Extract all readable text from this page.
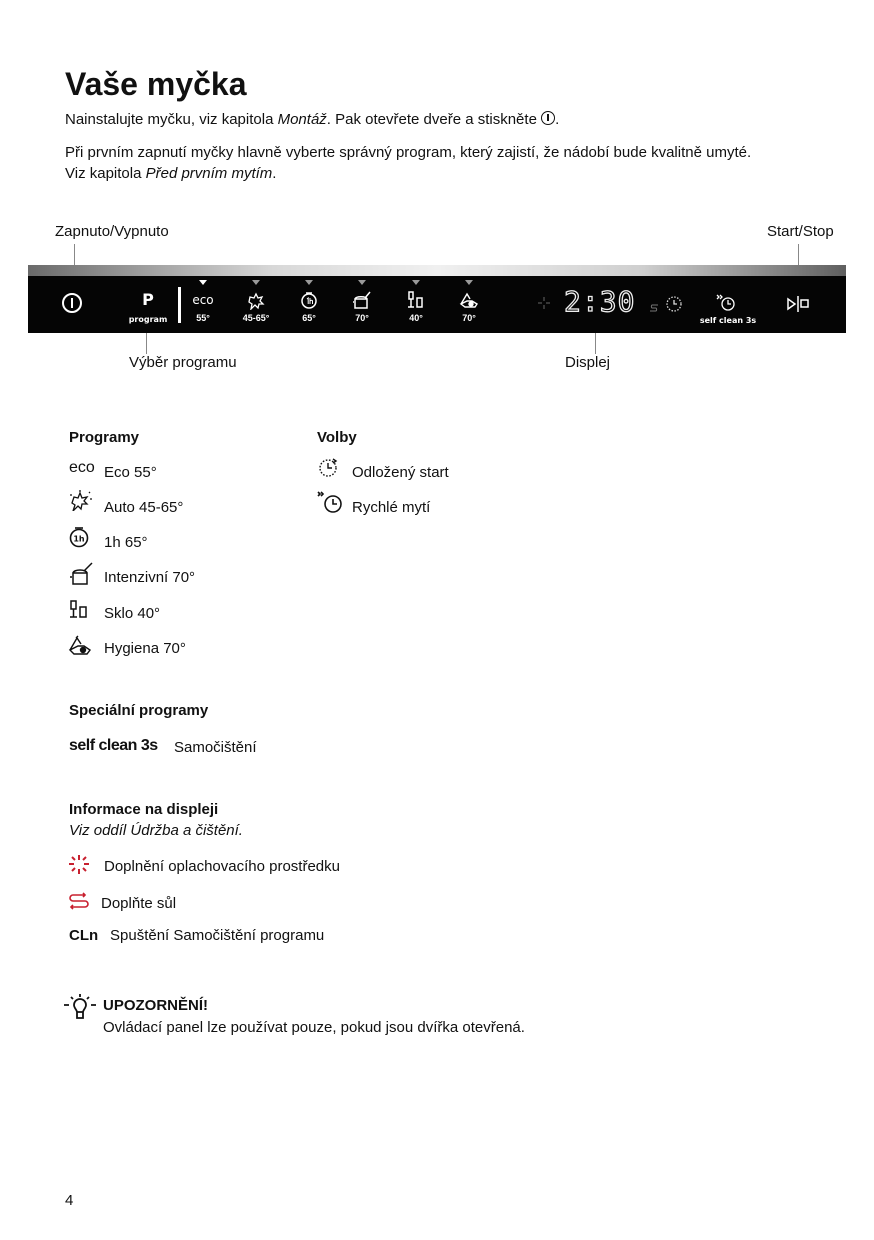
Vaše myčka
Nainstalujte myčku, viz kapitola Montáž. Pak otevřete dveře a stiskněte
.
Při prvním zapnutí myčky hlavně vyberte správný program, který zajistí, že nádobí bude kvalitně umyté.
Viz kapitola Před prvním mytím.
Zapnuto/Vypnuto	Start/Stop
Výběr programu	Displej
P
program
eco
55°	45-65°	65°	70°	40°	70°	2:30
self clean 3s
Programy	Volby
eco Eco 55°
Auto 45-65°
1h 1h 65°
Intenzivní 70°
Sklo 40°
Hygiena 70°
Odložený start
Rychlé mytí
Speciální programy
self clean 3s Samočištění
Informace na displeji
Viz oddíl Údržba a čištění.
Doplnění oplachovacího prostředku
Doplňte sůl
CLn Spuštění Samočištění programu
UPOZORNĚNÍ!
Ovládací panel lze používat pouze, pokud jsou dvířka otevřená.
4
